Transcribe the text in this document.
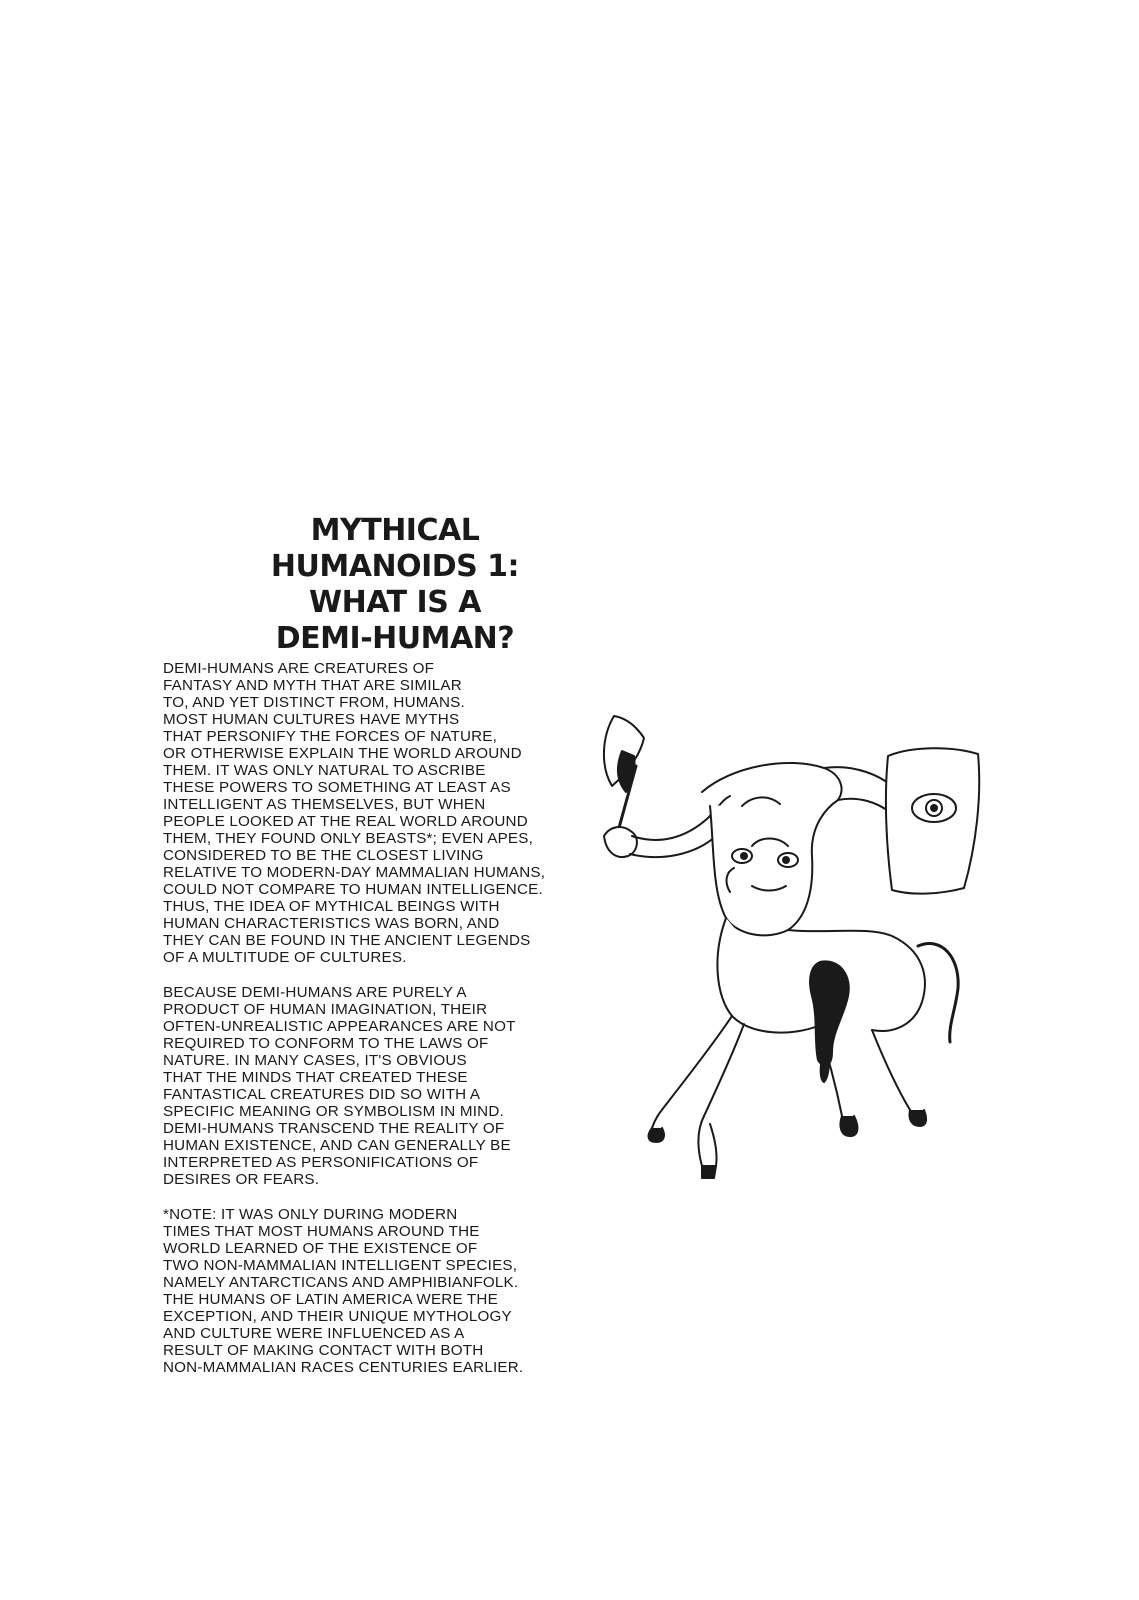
MYTHICAL
HUMANOIDS 1:
WHAT IS A
DEMI-HUMAN?

DEMI-HUMANS ARE CREATURES OF
FANTASY AND MYTH THAT ARE SIMILAR
TO, AND YET DISTINCT FROM, HUMANS.
MOST HUMAN CULTURES HAVE MYTHS
THAT PERSONIFY THE FORCES OF NATURE,
OR OTHERWISE EXPLAIN THE WORLD AROUND
THEM. IT WAS ONLY NATURAL TO ASCRIBE
THESE POWERS TO SOMETHING AT LEAST AS
INTELLIGENT AS THEMSELVES, BUT WHEN
PEOPLE LOOKED AT THE REAL WORLD AROUND
THEM, THEY FOUND ONLY BEASTS*; EVEN APES,
CONSIDERED TO BE THE CLOSEST LIVING
RELATIVE TO MODERN-DAY MAMMALIAN HUMANS,
COULD NOT COMPARE TO HUMAN INTELLIGENCE.
THUS, THE IDEA OF MYTHICAL BEINGS WITH
HUMAN CHARACTERISTICS WAS BORN, AND
THEY CAN BE FOUND IN THE ANCIENT LEGENDS
OF A MULTITUDE OF CULTURES.

BECAUSE DEMI-HUMANS ARE PURELY A
PRODUCT OF HUMAN IMAGINATION, THEIR
OFTEN-UNREALISTIC APPEARANCES ARE NOT
REQUIRED TO CONFORM TO THE LAWS OF
NATURE. IN MANY CASES, IT'S OBVIOUS
THAT THE MINDS THAT CREATED THESE
FANTASTICAL CREATURES DID SO WITH A
SPECIFIC MEANING OR SYMBOLISM IN MIND.
DEMI-HUMANS TRANSCEND THE REALITY OF
HUMAN EXISTENCE, AND CAN GENERALLY BE
INTERPRETED AS PERSONIFICATIONS OF
DESIRES OR FEARS.

*NOTE: IT WAS ONLY DURING MODERN
TIMES THAT MOST HUMANS AROUND THE
WORLD LEARNED OF THE EXISTENCE OF
TWO NON-MAMMALIAN INTELLIGENT SPECIES,
NAMELY ANTARCTICANS AND AMPHIBIANFOLK.
THE HUMANS OF LATIN AMERICA WERE THE
EXCEPTION, AND THEIR UNIQUE MYTHOLOGY
AND CULTURE WERE INFLUENCED AS A
RESULT OF MAKING CONTACT WITH BOTH
NON-MAMMALIAN RACES CENTURIES EARLIER.
